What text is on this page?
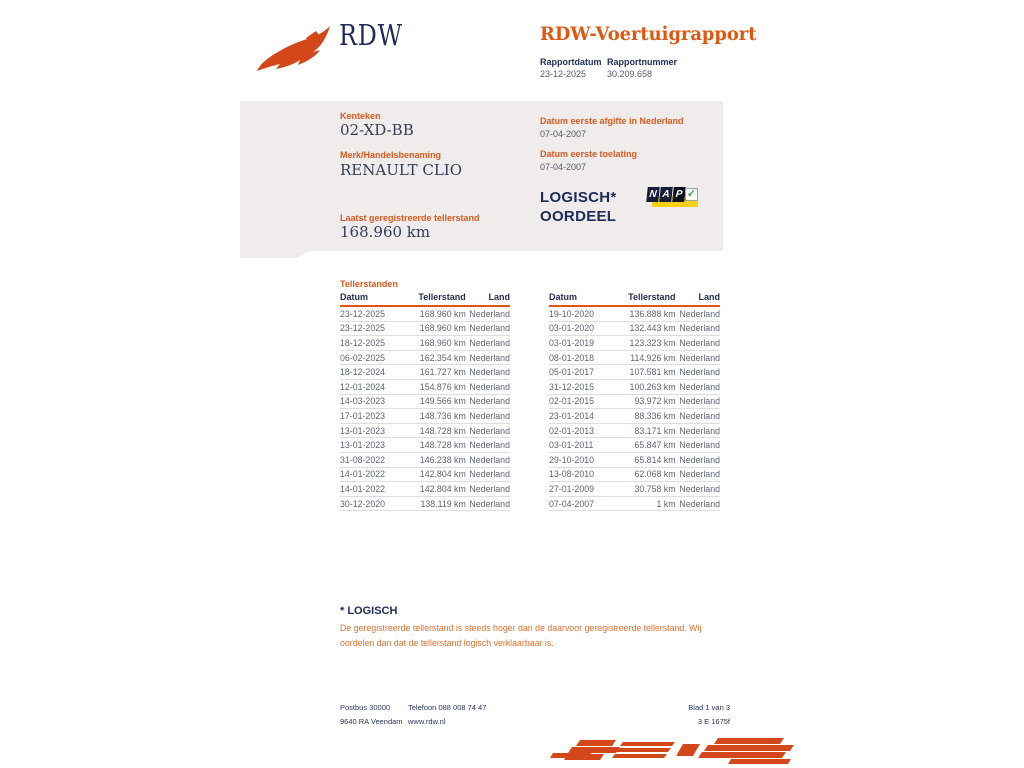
RDW	RDW-Voertuigrapport
Rapportdatum
23-12-2025
Rapportnummer
30.209.658
Kenteken
02-XD-BB
Merk/Handelsbenaming
RENAULT CLIO
Laatst geregistreerde tellerstand
168.960 km
Datum eerste afgifte in Nederland
07-04-2007
Datum eerste toelating
07-04-2007
LOGISCH*
OORDEEL
N A P ✓
Tellerstanden
Datum	Tellerstand	Land
23-12-2025	168.960 km Nederland
23-12-2025	168.960 km Nederland
18-12-2025	168.960 km Nederland
06-02-2025	162.354 km Nederland
18-12-2024	161.727 km Nederland
12-01-2024	154.876 km Nederland
14-03-2023	149.566 km Nederland
17-01-2023	148.736 km Nederland
13-01-2023	148.728 km Nederland
13-01-2023	148.728 km Nederland
31-08-2022	146.238 km Nederland
14-01-2022	142.804 km Nederland
14-01-2022	142.804 km Nederland
30-12-2020	138.119 km Nederland
Datum	Tellerstand	Land
19-10-2020	136.888 km Nederland
03-01-2020	132.443 km Nederland
03-01-2019	123.323 km Nederland
08-01-2018	114.926 km Nederland
05-01-2017	107.581 km Nederland
31-12-2015	100.263 km Nederland
02-01-2015	93.972 km Nederland
23-01-2014	88.336 km Nederland
02-01-2013	83.171 km Nederland
03-01-2011	65.847 km Nederland
29-10-2010	65.814 km Nederland
13-08-2010	62.068 km Nederland
27-01-2009	30.758 km Nederland
07-04-2007	1 km Nederland
* LOGISCH
De geregistreerde tellerstand is steeds hoger dan de daarvoor geregistreerde tellerstand. Wij oordelen dan dat de tellerstand logisch verklaarbaar is.
Postbus 30000
9640 RA Veendam
Telefoon 088 008 74 47
www.rdw.nl
Blad 1 van 3
3 E 1675f
